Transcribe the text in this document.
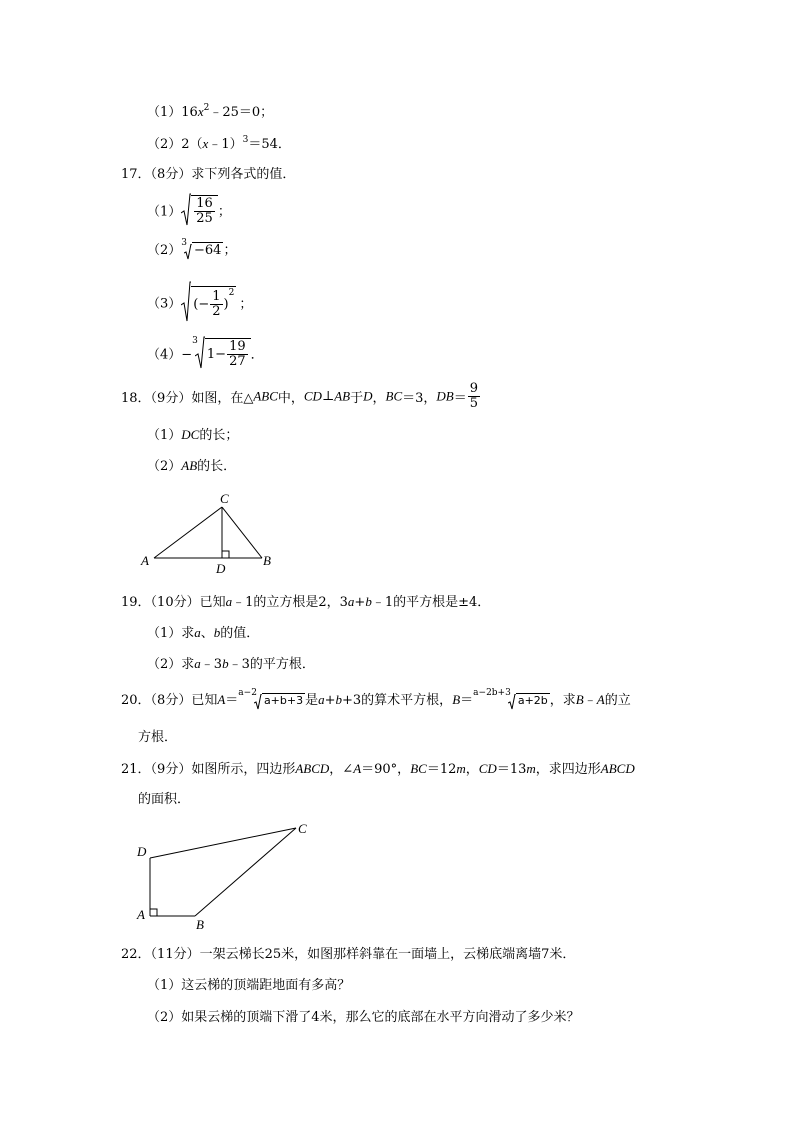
$(1)16x^2﹣25=0$；
（2）2（x﹣1）$^3$＝54．
17．（8分）求下列各式的值．
$(1) \frac{16}{25}$ ；
$(2)^3 -64$ ；
（3） (− $\frac{1}{2} )^2$；
$(4)-^31- \frac{19}{27}$ ．
18．（9分）如图，在△ABC中，CD⊥AB于D，BC＝3，$DB= \frac{9}{5}$
（1）DC的长；
（2）AB的长．
C
A
D
B
19．（10分）已知a﹣1的立方根是2，3a+b﹣1的平方根是±4．
（1）求a、b的值．
（2）求a﹣3b﹣3的平方根．
20．（8分）已知A＝$^{a-2}$a+b+3 是a+b+3的算术平方根，B＝$^{a-2b+3}$a+2b ，求B﹣A的立
方根．
21．（9分）如图所示，四边形ABCD，∠A＝90°，BC＝12m，CD＝13m，求四边形ABCD
的面积．
C
D
A
B
22．（11分）一架云梯长25米，如图那样斜靠在一面墙上，云梯底端离墙7米．
（1）这云梯的顶端距地面有多高？
（2）如果云梯的顶端下滑了4米，那么它的底部在水平方向滑动了多少米？
